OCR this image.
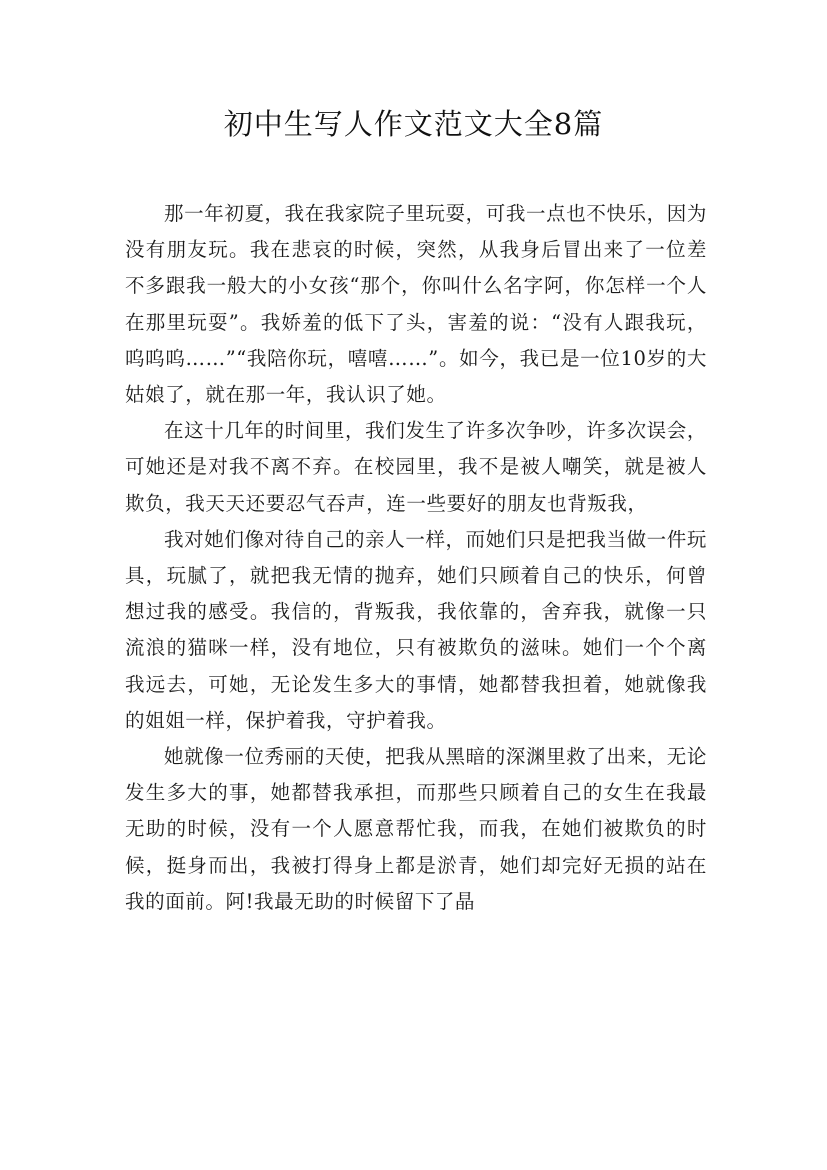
初中生写人作文范文大全8篇

那一年初夏，我在我家院子里玩耍，可我一点也不快乐，因为没有朋友玩。我在悲哀的时候，突然，从我身后冒出来了一位差不多跟我一般大的小女孩“那个，你叫什么名字阿，你怎样一个人在那里玩耍”。我娇羞的低下了头，害羞的说：“没有人跟我玩，呜呜呜……”“我陪你玩，嘻嘻……”。如今，我已是一位10岁的大姑娘了，就在那一年，我认识了她。

在这十几年的时间里，我们发生了许多次争吵，许多次误会，可她还是对我不离不弃。在校园里，我不是被人嘲笑，就是被人欺负，我天天还要忍气吞声，连一些要好的朋友也背叛我，

我对她们像对待自己的亲人一样，而她们只是把我当做一件玩具，玩腻了，就把我无情的抛弃，她们只顾着自己的快乐，何曾想过我的感受。我信的，背叛我，我依靠的，舍弃我，就像一只流浪的猫咪一样，没有地位，只有被欺负的滋味。她们一个个离我远去，可她，无论发生多大的事情，她都替我担着，她就像我的姐姐一样，保护着我，守护着我。

她就像一位秀丽的天使，把我从黑暗的深渊里救了出来，无论发生多大的事，她都替我承担，而那些只顾着自己的女生在我最无助的时候，没有一个人愿意帮忙我，而我，在她们被欺负的时候，挺身而出，我被打得身上都是淤青，她们却完好无损的站在我的面前。阿!我最无助的时候留下了晶
